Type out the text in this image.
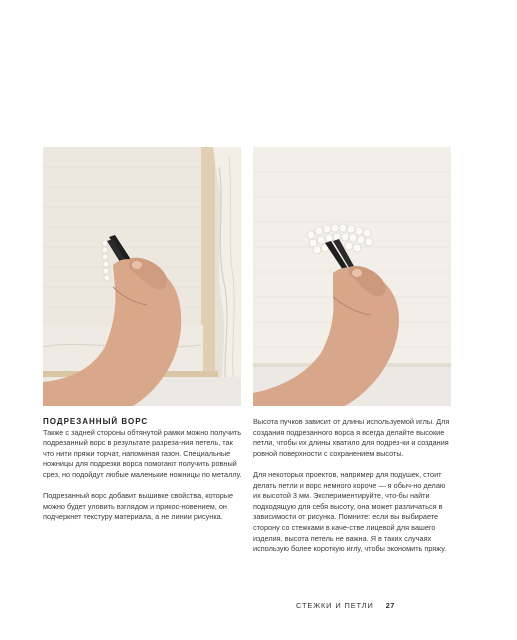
ПОДРЕЗАННЫЙ ВОРС

Также с задней стороны обтянутой рамки можно получить подрезанный ворс в результате разреза-ния петель, так что нити пряжи торчат, напоминая газон. Специальные ножницы для подрезки ворса помогают получить ровный срез, но подойдут любые маленькие ножницы по металлу.

Подрезанный ворс добавит вышивке свойства, которые можно будет уловить взглядом и прикос-новением, он подчеркнет текстуру материала, а не линии рисунка.

Высота пучков зависит от длины используемой иглы. Для создания подрезанного ворса я всегда делайте высокие петли, чтобы их длины хватило для подрез-ки и создания ровной поверхности с сохранением высоты.

Для некоторых проектов, например для подушек, стоит делать петли и ворс немного короче — я обыч-но делаю их высотой 3 мм. Экспериментируйте, что-бы найти подходящую для себя высоту, она может различаться в зависимости от рисунка. Помните: если вы выбираете сторону со стежками в каче-стве лицевой для вашего изделия, высота петель не важна. Я в таких случаях использую более короткую иглу, чтобы экономить пряжу.

СТЕЖКИ И ПЕТЛИ 27
